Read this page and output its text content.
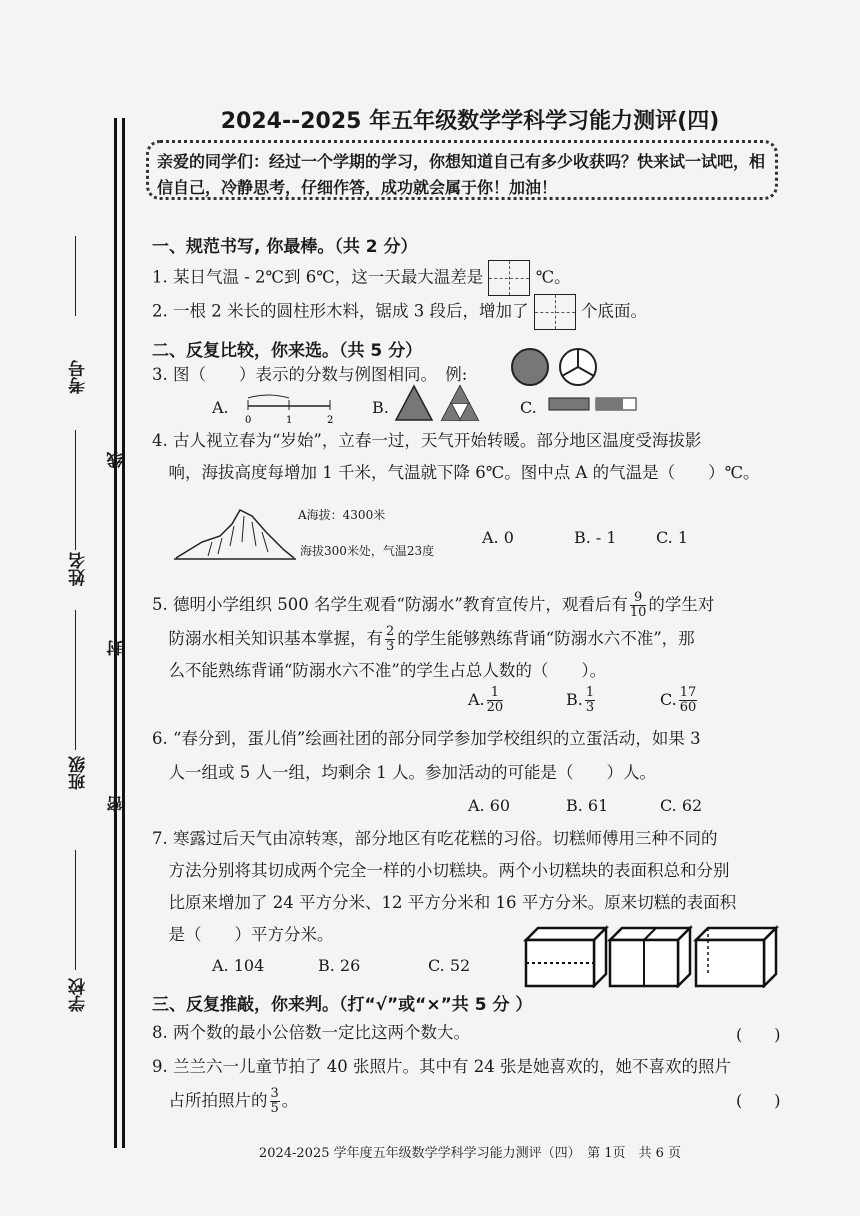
考号
线
姓名
封
班级
密
学校
2024--2025 年五年级数学学科学习能力测评(四)
亲爱的同学们：经过一个学期的学习，你想知道自己有多少收获吗？快来试一试吧，相信自己，冷静思考，仔细作答，成功就会属于你！加油！
一、规范书写, 你最棒。（共 2 分）
1. 某日气温 - 2℃到 6℃，这一天最大温差是	℃。
2. 一根 2 米长的圆柱形木料，锯成 3 段后，增加了	个底面。
二、反复比较，你来选。（共 5 分）
3. 图（　　）表示的分数与例图相同。　例:
A.
0	1	2
B.	C.
4. 古人视立春为“岁始”，立春一过，天气开始转暖。部分地区温度受海拔影
　响，海拔高度每增加 1 千米，气温就下降 6℃。图中点 A 的气温是（　　）℃。
A海拔：4300米
海拔300米处，气温23度
A. 0	B. - 1 C. 1
5. 德明小学组织 500 名学生观看“防溺水”教育宣传片，观看后有 $\frac{9}{10}$ 的学生对
　防溺水相关知识基本掌握，有 $\frac{2}{3}$ 的学生能够熟练背诵“防溺水六不准”，那
　么不能熟练背诵“防溺水六不准”的学生占总人数的（　　）。
A. $\frac{1}{20}$	B. $\frac{1}{3}$	C. $\frac{17}{60}$
6. “春分到，蛋儿俏”绘画社团的部分同学参加学校组织的立蛋活动，如果 3
　人一组或 5 人一组，均剩余 1 人。参加活动的可能是（　　）人。
A. 60	B. 61	C. 62
7. 寒露过后天气由凉转寒，部分地区有吃花糕的习俗。切糕师傅用三种不同的
　方法分别将其切成两个完全一样的小切糕块。两个小切糕块的表面积总和分别
　比原来增加了 24 平方分米、12 平方分米和 16 平方分米。原来切糕的表面积
　是（　　）平方分米。
A. 104	B. 26	C. 52
三、反复推敲，你来判。（打“√”或“×”共 5 分 ）
8. 两个数的最小公倍数一定比这两个数大。	(　　)
9. 兰兰六一儿童节拍了 40 张照片。其中有 24 张是她喜欢的，她不喜欢的照片
　占所拍照片的 $\frac{3}{5}$ 。	(　　)
2024-2025 学年度五年级数学学科学习能力测评（四）　第 1页　共 6 页
